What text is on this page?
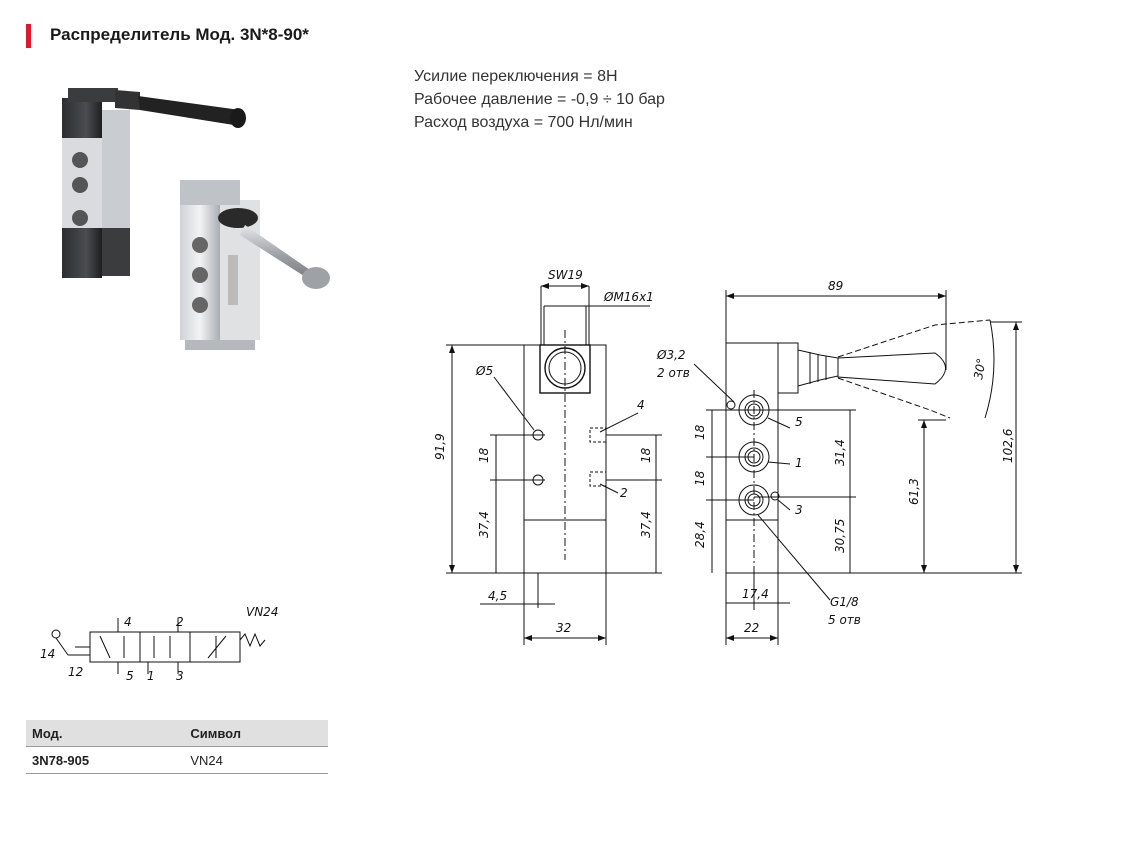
Распределитель Мод. 3N*8-90*
Усилие переключения = 8Н
Рабочее давление = -0,9 ÷ 10 бар
Расход воздуха = 700 Нл/мин
SW19
ØM16x1
Ø5
4
2
91,9	18
37,4
18
37,4
4,5
32
89
Ø3,2
2 отв
5
1
3
30°
102,6
61,3
31,4
30,75
28,4
18
18
17,4
22
G1/8
5 отв
VN24
4	2
14
12	5 1 3
Мод.	Символ
3N78-905	VN24
